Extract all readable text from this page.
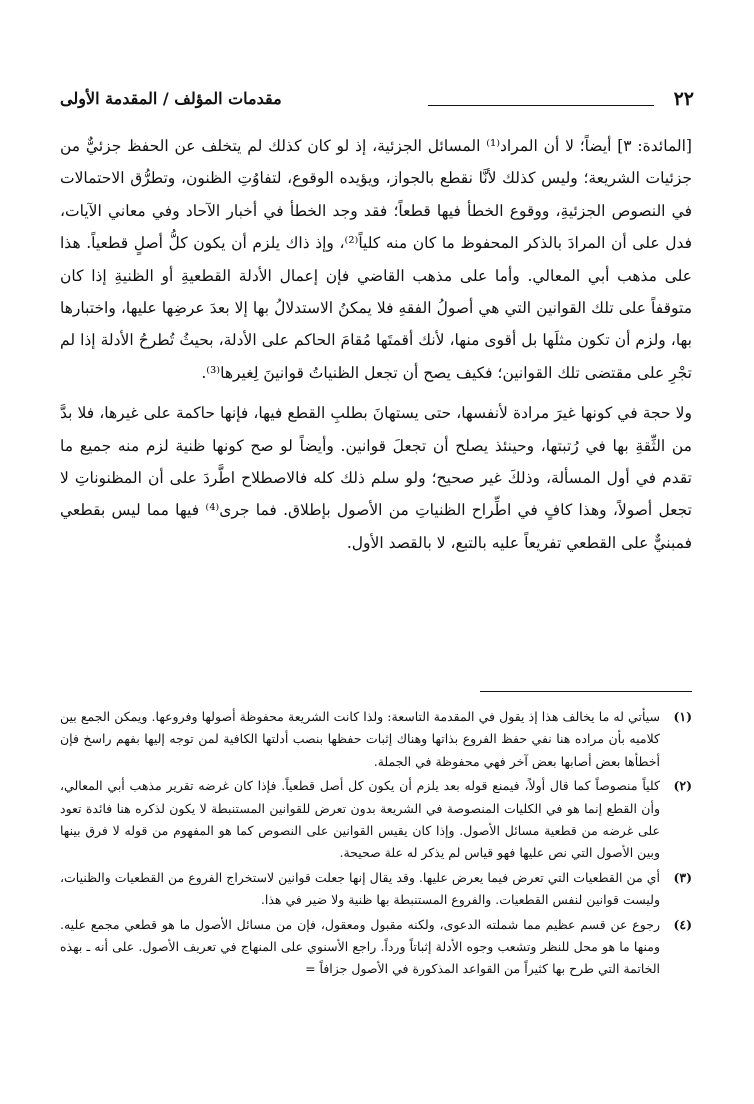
٢٢
مقدمات المؤلف / المقدمة الأولى

[المائدة: ٣] أيضاً؛ لا أن المراد⁽¹⁾ المسائل الجزئية، إذ لو كان كذلك لم يتخلف عن الحفظ جزئيٌّ من جزئيات الشريعة؛ وليس كذلك لأنَّا نقطع بالجواز، ويؤيده الوقوع، لتفاوُتِ الظنون، وتطرُّق الاحتمالات في النصوص الجزئيةِ، ووقوع الخطأ فيها قطعاً؛ فقد وجد الخطأ في أخبار الآحاد وفي معاني الآيات، فدل على أن المرادَ بالذكر المحفوظ ما كان منه كلياً⁽²⁾، وإذ ذاك يلزم أن يكون كلُّ أصلٍ قطعياً. هذا على مذهب أبي المعالي. وأما على مذهب القاضي فإن إعمال الأدلة القطعيةِ أو الظنيةِ إذا كان متوقفاً على تلك القوانين التي هي أصولُ الفقهِ فلا يمكنُ الاستدلالُ بها إلا بعدَ عرضِها عليها، واختبارها بها، ولزم أن تكون مثلَها بل أقوى منها، لأنك أقمتَها مُقامَ الحاكم على الأدلة، بحيثُ تُطرحُ الأدلة إذا لم تجْرِ على مقتضى تلك القوانين؛ فكيف يصح أن تجعل الظنياتُ قوانينَ لِغيرها⁽³⁾.

ولا حجة في كونها غيرَ مرادة لأنفسها، حتى يستهانَ بطلبِ القطع فيها، فإنها حاكمة على غيرها، فلا بدَّ من الثِّقةِ بها في رُتبتها، وحينئذ يصلح أن تجعلَ قوانين. وأيضاً لو صح كونها ظنية لزم منه جميع ما تقدم في أول المسألة، وذلكَ غير صحيح؛ ولو سلم ذلك كله فالاصطلاح اطَّردَ على أن المظنوناتِ لا تجعل أصولاً، وهذا كافٍ في اطِّراح الظنياتِ من الأصول بإطلاق. فما جرى⁽⁴⁾ فيها مما ليس بقطعي فمبنيٌّ على القطعي تفريعاً عليه بالتبع، لا بالقصد الأول.

(١)
سيأتي له ما يخالف هذا إذ يقول في المقدمة التاسعة: ولذا كانت الشريعة محفوظة أصولها وفروعها. ويمكن الجمع بين كلاميه بأن مراده هنا نفي حفظ الفروع بذاتها وهناك إثبات حفظها بنصب أدلتها الكافية لمن توجه إليها بفهم راسخ فإن أخطأها بعض أصابها بعض آخر فهي محفوظة في الجملة.
(٢)
كلياً منصوصاً كما قال أولاً، فيمنع قوله بعد يلزم أن يكون كل أصل قطعياً. فإذا كان غرضه تقرير مذهب أبي المعالي، وأن القطع إنما هو في الكليات المنصوصة في الشريعة بدون تعرض للقوانين المستنبطة لا يكون لذكره هنا فائدة تعود على غرضه من قطعية مسائل الأصول. وإذا كان يقيس القوانين على النصوص كما هو المفهوم من قوله لا فرق بينها وبين الأصول التي نص عليها فهو قياس لم يذكر له علة صحيحة.
(٣)
أي من القطعيات التي تعرض فيما يعرض عليها. وقد يقال إنها جعلت قوانين لاستخراج الفروع من القطعيات والظنيات، وليست قوانين لنفس القطعيات. والفروع المستنبطة بها ظنية ولا ضير في هذا.
(٤)
رجوع عن قسم عظيم مما شملته الدعوى، ولكنه مقبول ومعقول، فإن من مسائل الأصول ما هو قطعي مجمع عليه. ومنها ما هو محل للنظر وتشعب وجوه الأدلة إثباتاً ورداً. راجع الأسنوي على المنهاج في تعريف الأصول. على أنه ـ بهذه الخاتمة التي طرح بها كثيراً من القواعد المذكورة في الأصول جزافاً =
